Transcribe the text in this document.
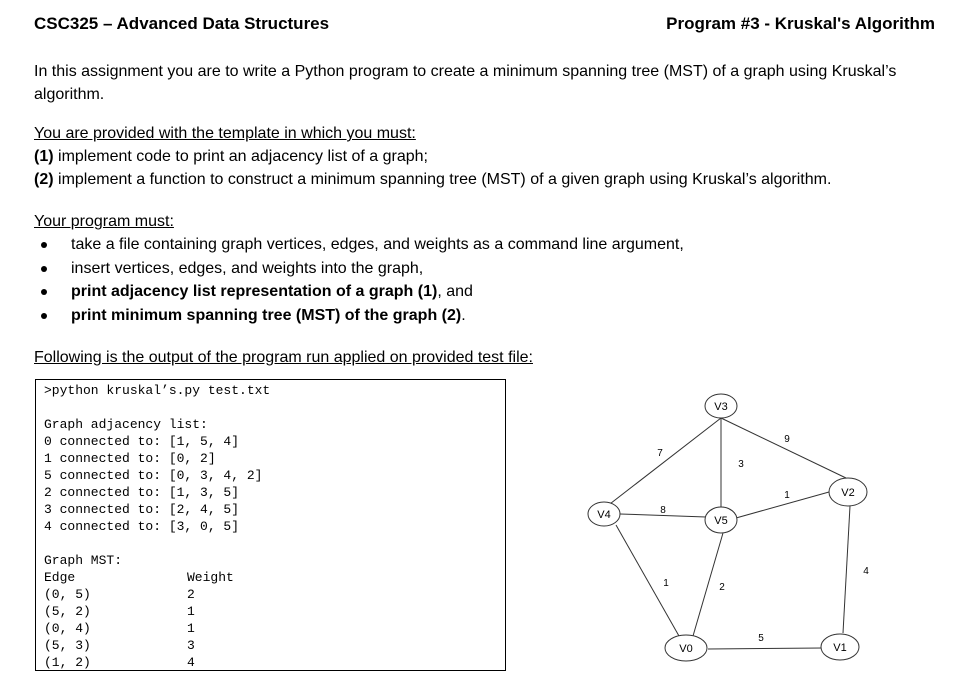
CSC325 – Advanced Data Structures	Program #3 - Kruskal's Algorithm
In this assignment you are to write a Python program to create a minimum spanning tree (MST) of a graph using Kruskal’s algorithm.
You are provided with the template in which you must:
(1) implement code to print an adjacency list of a graph;
(2) implement a function to construct a minimum spanning tree (MST) of a given graph using Kruskal’s algorithm.
Your program must:
take a file containing graph vertices, edges, and weights as a command line argument,
insert vertices, edges, and weights into the graph,
print adjacency list representation of a graph (1), and
print minimum spanning tree (MST) of the graph (2).
Following is the output of the program run applied on provided test file:
>python kruskal’s.py test.txt
Graph adjacency list:
0 connected to: [1, 5, 4]
1 connected to: [0, 2]
5 connected to: [0, 3, 4, 2]
2 connected to: [1, 3, 5]
3 connected to: [2, 4, 5]
4 connected to: [3, 0, 5]
Graph MST:
Edge	Weight
(0, 5)	2
(5, 2)	1
(0, 4)	1
(5, 3)	3
(1, 2)	4
V3
V2
V4	V5
V0	V1
7
9
3
8
1
1
4
2
5
